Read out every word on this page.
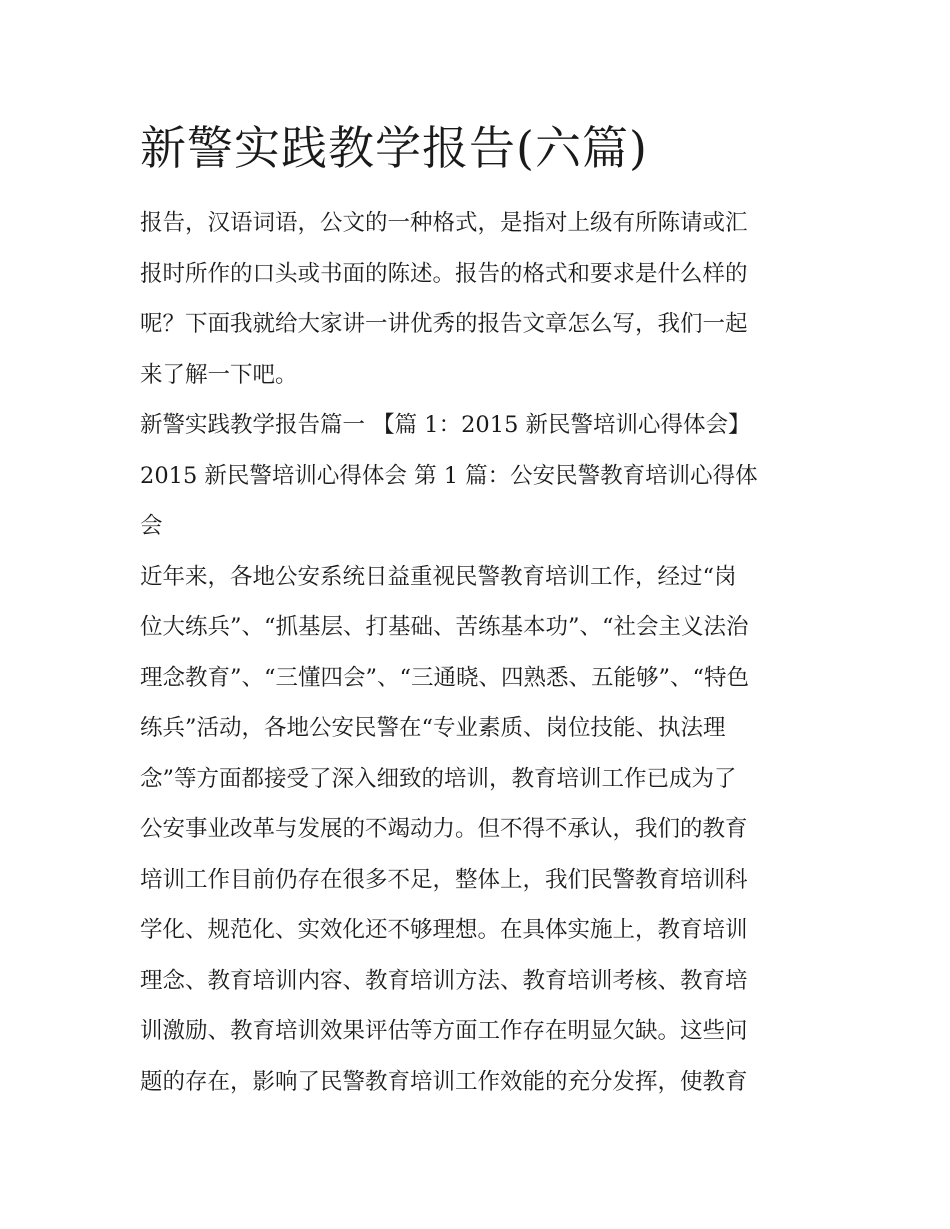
新警实践教学报告(六篇)
报告，汉语词语，公文的一种格式，是指对上级有所陈请或汇
报时所作的口头或书面的陈述。报告的格式和要求是什么样的
呢？下面我就给大家讲一讲优秀的报告文章怎么写，我们一起
来了解一下吧。
新警实践教学报告篇一 【篇 1：2015 新民警培训心得体会】
2015 新民警培训心得体会 第 1 篇：公安民警教育培训心得体
会
近年来，各地公安系统日益重视民警教育培训工作，经过“岗
位大练兵”、“抓基层、打基础、苦练基本功”、“社会主义法治
理念教育”、“三懂四会”、“三通晓、四熟悉、五能够”、“特色
练兵”活动，各地公安民警在“专业素质、岗位技能、执法理
念”等方面都接受了深入细致的培训，教育培训工作已成为了
公安事业改革与发展的不竭动力。但不得不承认，我们的教育
培训工作目前仍存在很多不足，整体上，我们民警教育培训科
学化、规范化、实效化还不够理想。在具体实施上，教育培训
理念、教育培训内容、教育培训方法、教育培训考核、教育培
训激励、教育培训效果评估等方面工作存在明显欠缺。这些问
题的存在，影响了民警教育培训工作效能的充分发挥，使教育
